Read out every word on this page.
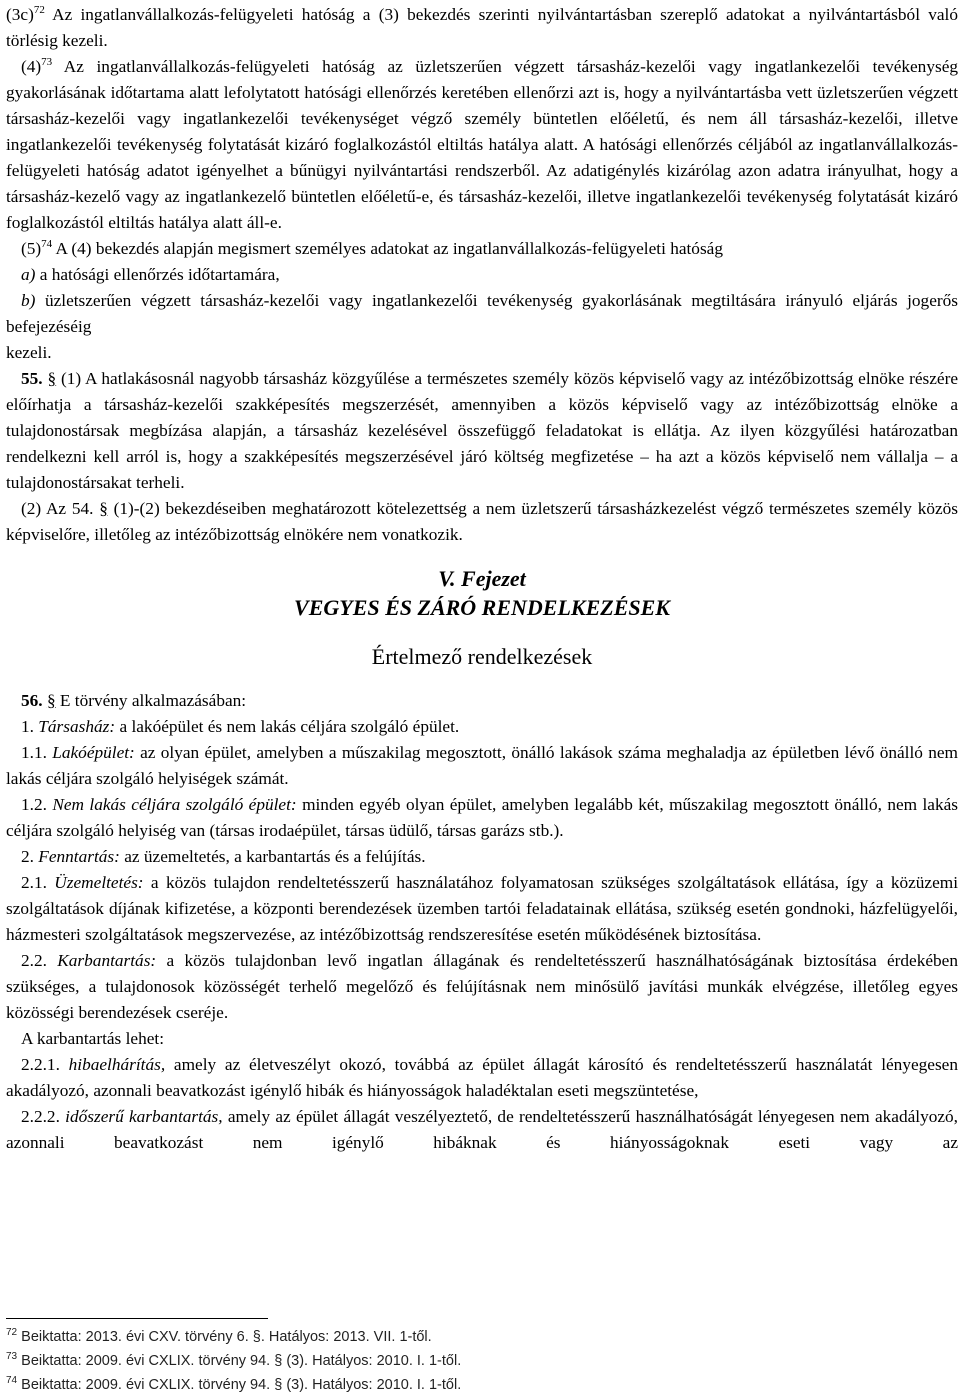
$(3c)^{72}$ Az ingatlanvállalkozás-felügyeleti hatóság a (3) bekezdés szerinti nyilvántartásban szereplő adatokat a nyilvántartásból való törlésig kezeli.

$(4)^{73}$ Az ingatlanvállalkozás-felügyeleti hatóság az üzletszerűen végzett társasház-kezelői vagy ingatlankezelői tevékenység gyakorlásának időtartama alatt lefolytatott hatósági ellenőrzés keretében ellenőrzi azt is, hogy a nyilvántartásba vett üzletszerűen végzett társasház-kezelői vagy ingatlankezelői tevékenységet végző személy büntetlen előéletű, és nem áll társasház-kezelői, illetve ingatlankezelői tevékenység folytatását kizáró foglalkozástól eltiltás hatálya alatt. A hatósági ellenőrzés céljából az ingatlanvállalkozás-felügyeleti hatóság adatot igényelhet a bűnügyi nyilvántartási rendszerből. Az adatigénylés kizárólag azon adatra irányulhat, hogy a társasház-kezelő vagy az ingatlankezelő büntetlen előéletű-e, és társasház-kezelői, illetve ingatlankezelői tevékenység folytatását kizáró foglalkozástól eltiltás hatálya alatt áll-e.

$(5)^{74}$ A (4) bekezdés alapján megismert személyes adatokat az ingatlanvállalkozás-felügyeleti hatóság

a) a hatósági ellenőrzés időtartamára,

b) üzletszerűen végzett társasház-kezelői vagy ingatlankezelői tevékenység gyakorlásának megtiltására irányuló eljárás jogerős befejezéséig

kezeli.

55. § (1) A hatlakásosnál nagyobb társasház közgyűlése a természetes személy közös képviselő vagy az intézőbizottság elnöke részére előírhatja a társasház-kezelői szakképesítés megszerzését, amennyiben a közös képviselő vagy az intézőbizottság elnöke a tulajdonostársak megbízása alapján, a társasház kezelésével összefüggő feladatokat is ellátja. Az ilyen közgyűlési határozatban rendelkezni kell arról is, hogy a szakképesítés megszerzésével járó költség megfizetése – ha azt a közös képviselő nem vállalja – a tulajdonostársakat terheli.

(2) Az 54. § (1)-(2) bekezdéseiben meghatározott kötelezettség a nem üzletszerű társasházkezelést végző természetes személy közös képviselőre, illetőleg az intézőbizottság elnökére nem vonatkozik.

V. Fejezet
VEGYES ÉS ZÁRÓ RENDELKEZÉSEK
Értelmező rendelkezések

56. § E törvény alkalmazásában:

1. Társasház: a lakóépület és nem lakás céljára szolgáló épület.

1.1. Lakóépület: az olyan épület, amelyben a műszakilag megosztott, önálló lakások száma meghaladja az épületben lévő önálló nem lakás céljára szolgáló helyiségek számát.

1.2. Nem lakás céljára szolgáló épület: minden egyéb olyan épület, amelyben legalább két, műszakilag megosztott önálló, nem lakás céljára szolgáló helyiség van (társas irodaépület, társas üdülő, társas garázs stb.).

2. Fenntartás: az üzemeltetés, a karbantartás és a felújítás.

2.1. Üzemeltetés: a közös tulajdon rendeltetésszerű használatához folyamatosan szükséges szolgáltatások ellátása, így a közüzemi szolgáltatások díjának kifizetése, a központi berendezések üzemben tartói feladatainak ellátása, szükség esetén gondnoki, házfelügyelői, házmesteri szolgáltatások megszervezése, az intézőbizottság rendszeresítése esetén működésének biztosítása.

2.2. Karbantartás: a közös tulajdonban levő ingatlan állagának és rendeltetésszerű használhatóságának biztosítása érdekében szükséges, a tulajdonosok közösségét terhelő megelőző és felújításnak nem minősülő javítási munkák elvégzése, illetőleg egyes közösségi berendezések cseréje.

A karbantartás lehet:

2.2.1. hibaelhárítás, amely az életveszélyt okozó, továbbá az épület állagát károsító és rendeltetésszerű használatát lényegesen akadályozó, azonnali beavatkozást igénylő hibák és hiányosságok haladéktalan eseti megszüntetése,

2.2.2. időszerű karbantartás, amely az épület állagát veszélyeztető, de rendeltetésszerű használhatóságát lényegesen nem akadályozó, azonnali beavatkozást nem igénylő hibáknak és hiányosságoknak eseti vagy az

$^{72}$ Beiktatta: 2013. évi CXV. törvény 6. §. Hatályos: 2013. VII. 1-től.
$^{73}$ Beiktatta: 2009. évi CXLIX. törvény 94. § (3). Hatályos: 2010. I. 1-től.
$^{74}$ Beiktatta: 2009. évi CXLIX. törvény 94. § (3). Hatályos: 2010. I. 1-től.
